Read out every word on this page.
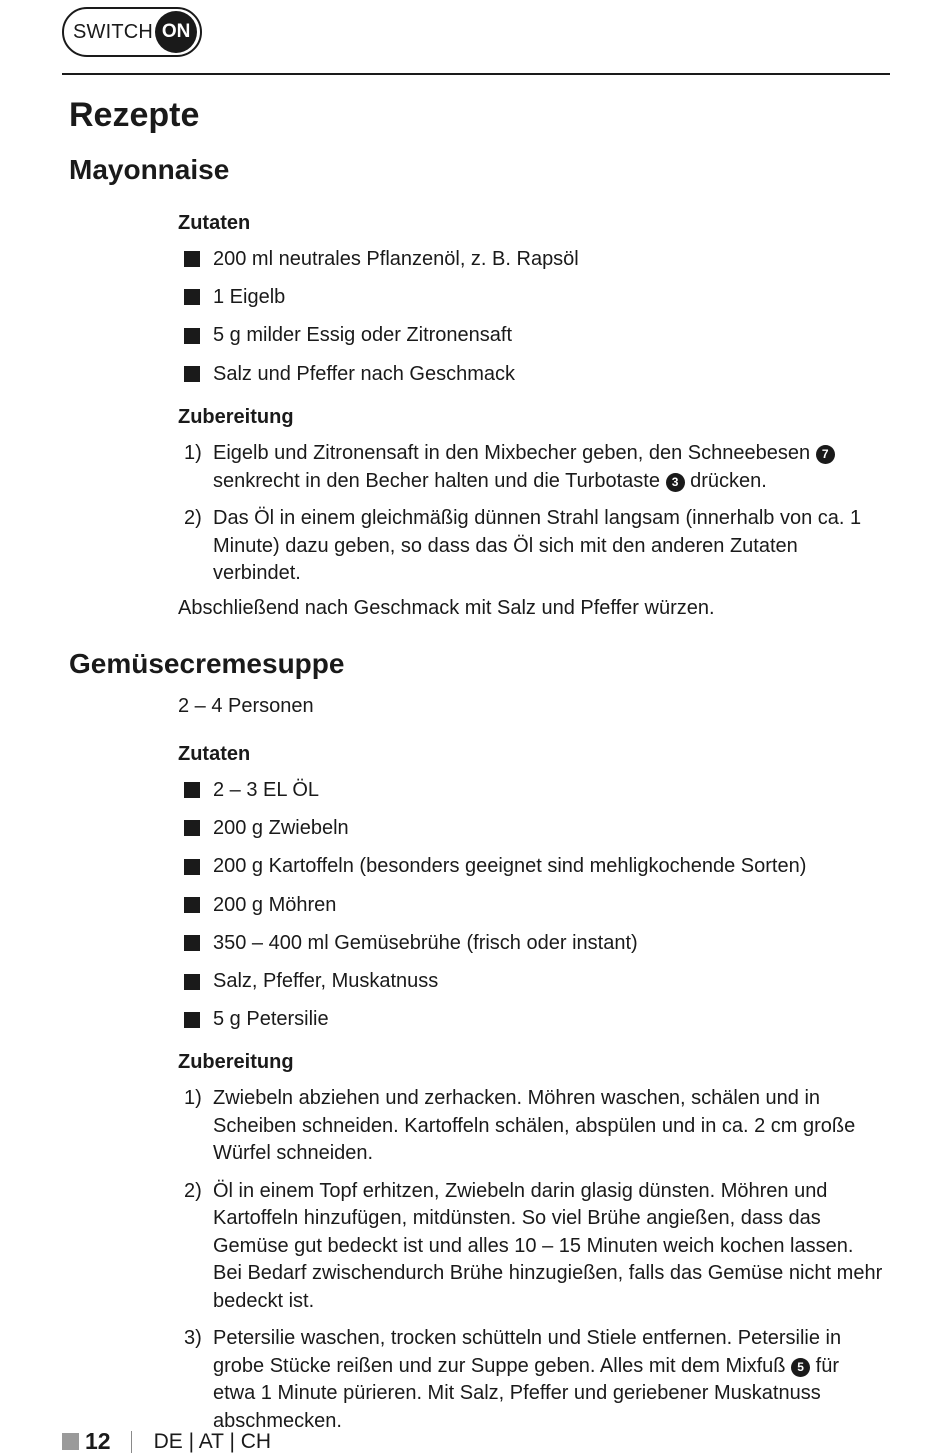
SWITCH ON
Rezepte
Mayonnaise
Zutaten
200 ml neutrales Pflanzenöl, z. B. Rapsöl
1 Eigelb
5 g milder Essig oder Zitronensaft
Salz und Pfeffer nach Geschmack
Zubereitung
1) Eigelb und Zitronensaft in den Mixbecher geben, den Schneebesen 7
senkrecht in den Becher halten und die Turbotaste 3 drücken.
2) Das Öl in einem gleichmäßig dünnen Strahl langsam (innerhalb von ca. 1 Minute) dazu geben, so dass das Öl sich mit den anderen Zutaten verbindet.
Abschließend nach Geschmack mit Salz und Pfeffer würzen.
Gemüsecremesuppe
2 – 4 Personen
Zutaten
2 – 3 EL ÖL
200 g Zwiebeln
200 g Kartoffeln (besonders geeignet sind mehligkochende Sorten)
200 g Möhren
350 – 400 ml Gemüsebrühe (frisch oder instant)
Salz, Pfeffer, Muskatnuss
5 g Petersilie
Zubereitung
1) Zwiebeln abziehen und zerhacken. Möhren waschen, schälen und in Scheiben schneiden. Kartoffeln schälen, abspülen und in ca. 2 cm große Würfel schneiden.
2) Öl in einem Topf erhitzen, Zwiebeln darin glasig dünsten. Möhren und Kartoffeln hinzufügen, mitdünsten. So viel Brühe angießen, dass das Gemüse gut bedeckt ist und alles 10 – 15 Minuten weich kochen lassen. Bei Bedarf zwischendurch Brühe hinzugießen, falls das Gemüse nicht mehr bedeckt ist.
3) Petersilie waschen, trocken schütteln und Stiele entfernen. Petersilie in grobe Stücke reißen und zur Suppe geben. Alles mit dem Mixfuß 5 für etwa 1 Minute pürieren. Mit Salz, Pfeffer und geriebener Muskatnuss abschmecken.
12 DE | AT | CH
